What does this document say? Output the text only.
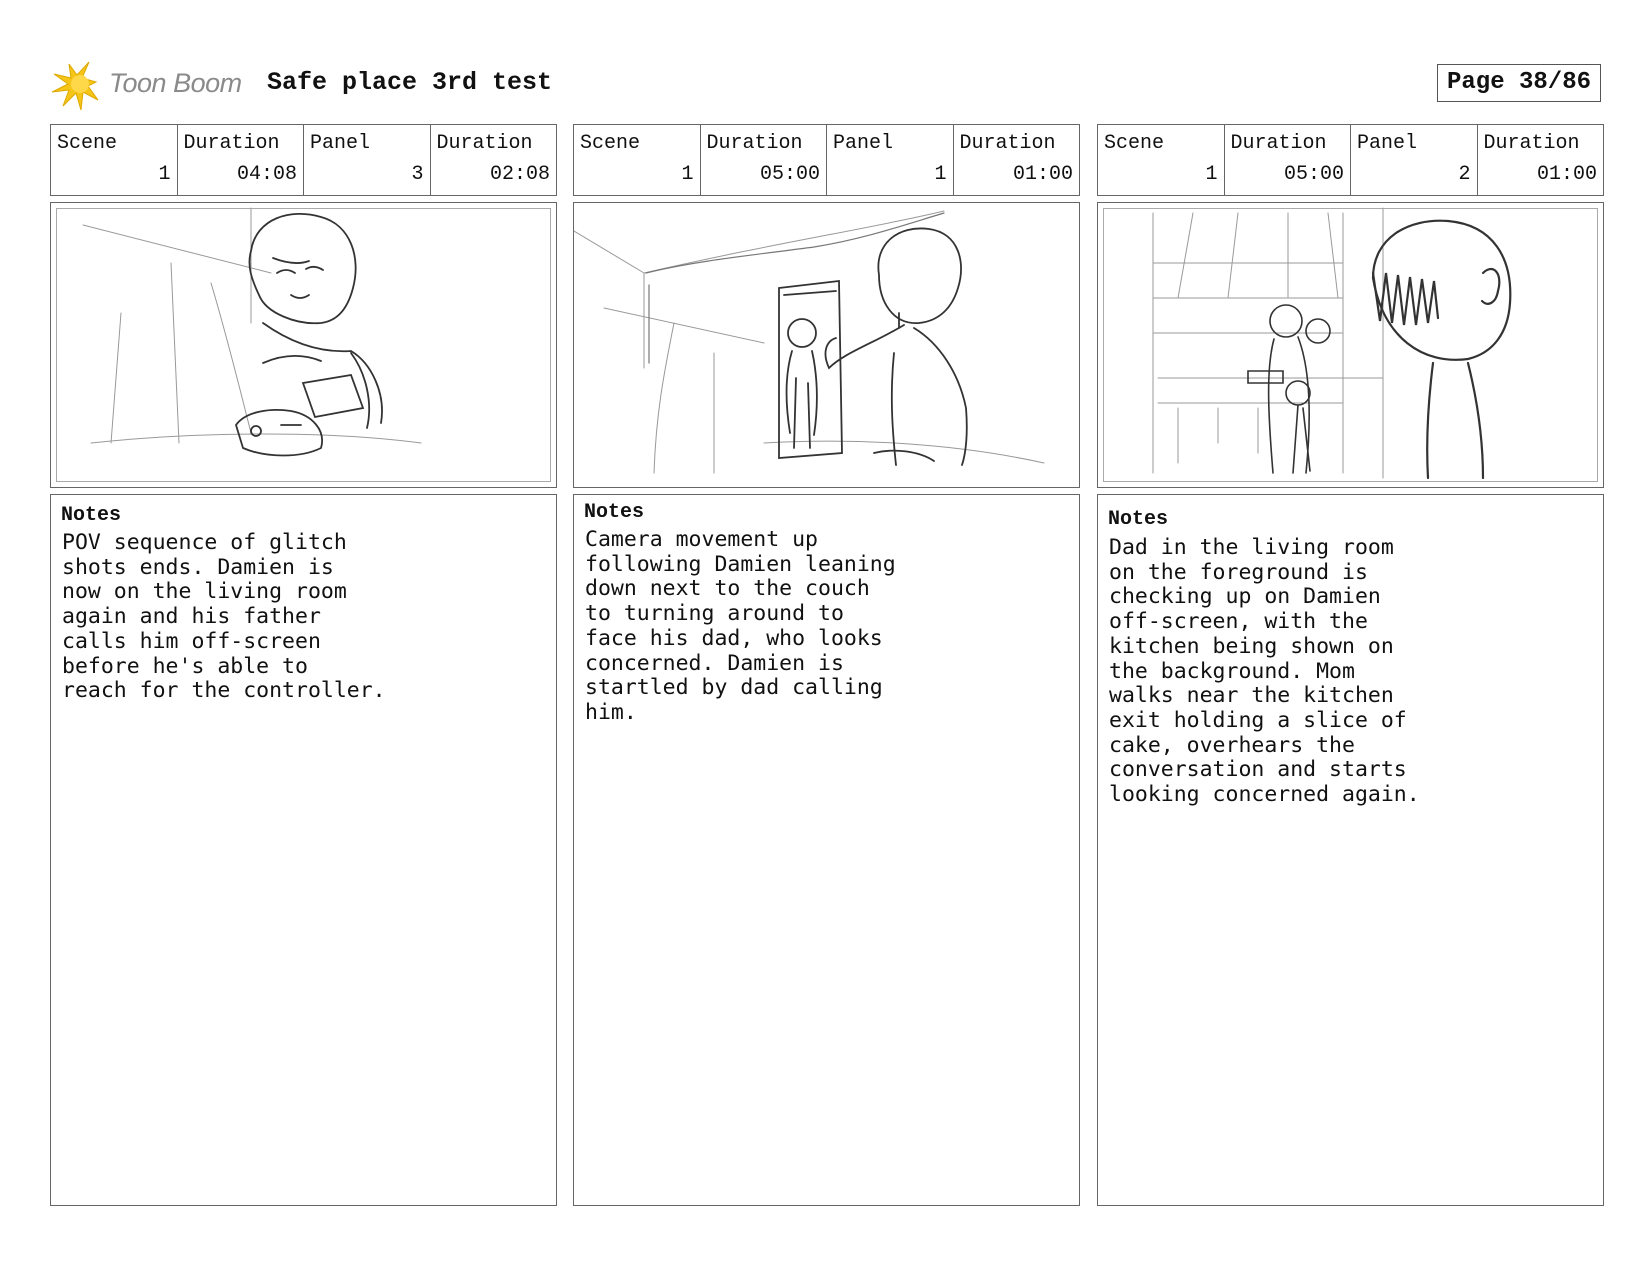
Toon Boom Safe place 3rd test	Page 38/86
Scene
1
Duration
04:08
Panel
3
Duration
02:08
Notes
POV sequence of glitch
shots ends. Damien is
now on the living room
again and his father
calls him off-screen
before he's able to
reach for the controller.
Scene
1
Duration
05:00
Panel
1
Duration
01:00
Notes
Camera movement up
following Damien leaning
down next to the couch
to turning around to
face his dad, who looks
concerned. Damien is
startled by dad calling
him.
Scene
1
Duration
05:00
Panel
2
Duration
01:00
Notes
Dad in the living room
on the foreground is
checking up on Damien
off-screen, with the
kitchen being shown on
the background. Mom
walks near the kitchen
exit holding a slice of
cake, overhears the
conversation and starts
looking concerned again.
